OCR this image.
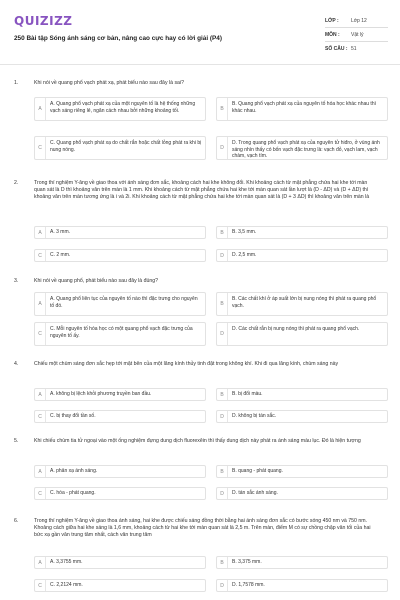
QUIZIZZ
250 Bài tập Sóng ánh sáng cơ bản, nâng cao cực hay có lời giải (P4)
LỚP :	Lớp 12
MÔN :	Vật lý
SỐ CÂU : 51
1.	Khi nói về quang phổ vạch phát xạ, phát biểu nào sau đây là sai?
A
A. Quang phổ vạch phát xạ của một nguyên tố là hệ thống những vạch sáng riêng lẻ, ngăn cách nhau bởi những khoảng tối.	B
B. Quang phổ vạch phát xạ của nguyên tố hóa học khác nhau thì khác nhau.
C
C. Quang phổ vạch phát xạ do chất rắn hoặc chất lỏng phát ra khi bị nung nóng.	D
D. Trong quang phổ vạch phát xạ của nguyên tử hiđro, ở vùng ánh sáng nhìn thấy có bốn vạch đặc trưng là: vạch đỏ, vạch lam, vạch chàm, vạch tím.
2.	Trong thí nghiệm Y-âng về giao thoa với ánh sáng đơn sắc, khoảng cách hai khe không đổi. Khi khoảng cách từ mặt phẳng chứa hai khe tới màn quan sát là D thì khoảng vân trên màn là 1 mm. Khi khoảng cách từ mặt phẳng chứa hai khe tới màn quan sát lần lượt là (D - ΔD) và (D + ΔD) thì khoảng vân trên màn tương ứng là i và 2i. Khi khoảng cách từ mặt phẳng chứa hai khe tới màn quan sát là (D + 3 ΔD) thì khoảng vân trên màn là
A	A. 3 mm.	B	B. 3,5 mm.
C	C. 2 mm.	D	D. 2,5 mm.
3.	Khi nói về quang phổ, phát biểu nào sau đây là đúng?
A
A. Quang phổ liên tục của nguyên tố nào thì đặc trưng cho nguyên tố đó.	B
B. Các chất khí ở áp suất lớn bị nung nóng thì phát ra quang phổ vạch.
C
C. Mỗi nguyên tố hóa học có một quang phổ vạch đặc trưng của nguyên tố ấy.	D
D. Các chất rắn bị nung nóng thì phát ra quang phổ vạch.
4.	Chiếu một chùm sáng đơn sắc hẹp tới mặt bên của một lăng kính thủy tinh đặt trong không khí. Khi đi qua lăng kính, chùm sáng này
A	A. không bị lệch khỏi phương truyền ban đầu.	B	B. bị đổi màu.
C	C. bị thay đổi tần số.	D	D. không bị tán sắc.
5.	Khi chiếu chùm tia tử ngoại vào một ống nghiệm đựng dung dịch fluorexêin thì thấy dung dịch này phát ra ánh sáng màu lục. Đó là hiện tượng
A	A. phản xạ ánh sáng.	B	B. quang - phát quang.
C	C. hóa - phát quang.	D	D. tán sắc ánh sáng.
6.	Trong thí nghiệm Y-âng về giao thoa ánh sáng, hai khe được chiếu sáng đồng thời bằng hai ánh sáng đơn sắc có bước sóng 450 nm và 750 nm. Khoảng cách giữa hai khe sáng là 1,6 mm, khoảng cách từ hai khe tới màn quan sát là 2,5 m. Trên màn, điểm M có sự chồng chập vân tối của hai bức xạ gần vân trung tâm nhất, cách vân trung tâm
A	A. 3,3755 mm.	B	B. 3,375 mm.
C	C. 2,2124 mm.	D	D. 1,7578 mm.
